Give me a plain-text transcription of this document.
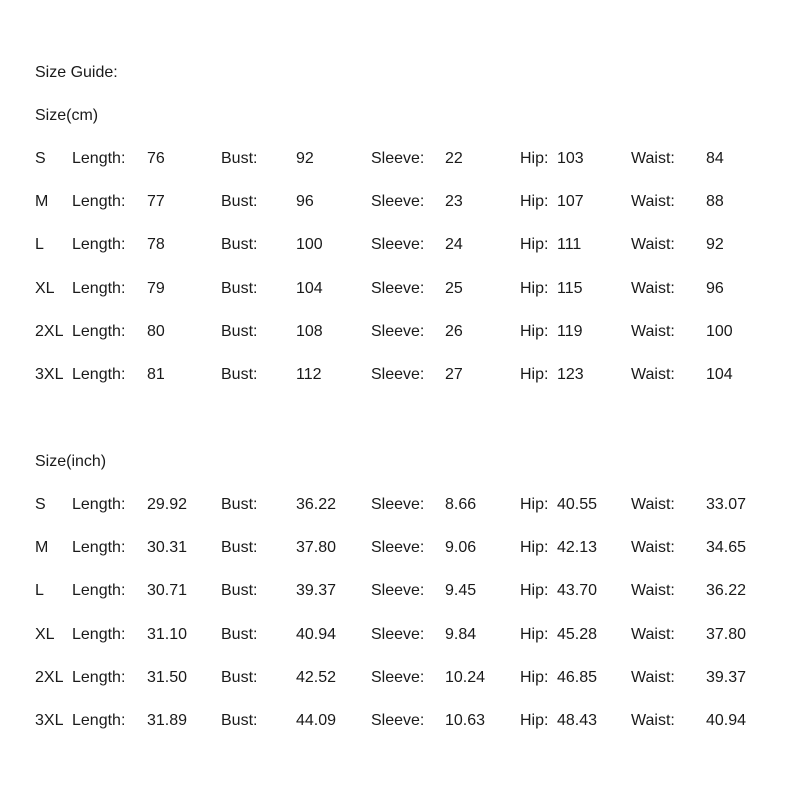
Size Guide:
Size(cm)
S Length: 76	Bust: 92	Sleeve: 22	Hip: 103	Waist: 84
M Length: 77	Bust: 96	Sleeve: 23	Hip: 107	Waist: 88
L Length: 78	Bust: 100	Sleeve: 24	Hip: 111	Waist: 92
XL Length: 79	Bust: 104	Sleeve: 25	Hip: 115	Waist: 96
2XL Length: 80	Bust: 108	Sleeve: 26	Hip: 119	Waist: 100
3XL Length: 81	Bust: 112	Sleeve: 27	Hip: 123	Waist: 104
Size(inch)
S Length: 29.92 Bust: 36.22 Sleeve: 8.66	Hip: 40.55 Waist: 33.07
M Length: 30.31 Bust: 37.80 Sleeve: 9.06	Hip: 42.13 Waist: 34.65
L Length: 30.71 Bust: 39.37 Sleeve: 9.45	Hip: 43.70 Waist: 36.22
XL Length: 31.10 Bust: 40.94 Sleeve: 9.84	Hip: 45.28 Waist: 37.80
2XL Length: 31.50 Bust: 42.52 Sleeve: 10.24 Hip: 46.85 Waist: 39.37
3XL Length: 31.89 Bust: 44.09 Sleeve: 10.63 Hip: 48.43 Waist: 40.94
